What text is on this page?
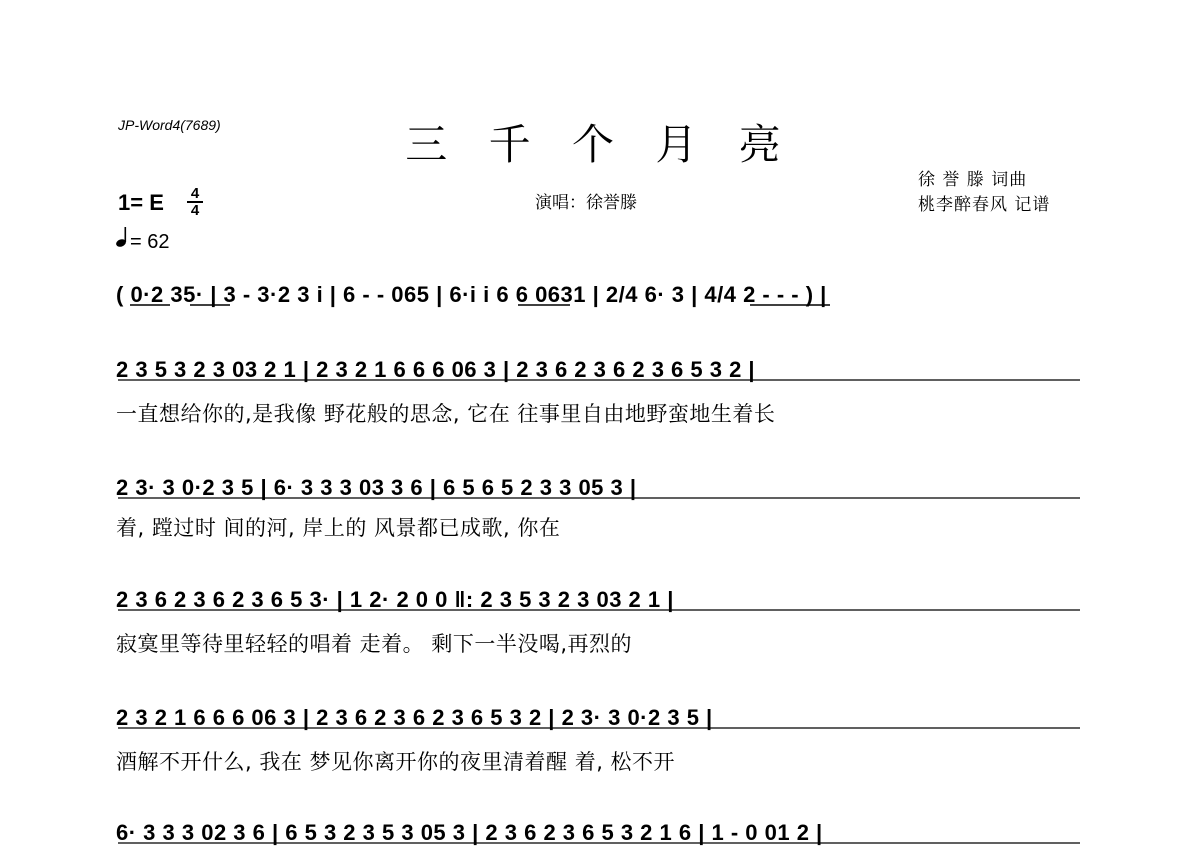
JP-Word4(7689)	三 千 个 月 亮
演唱：徐誉滕
徐 誉 滕 词曲
桃李醉春风 记谱
1= E $\frac{4}{4}$
= 62
( 0·2 35· | 3 - 3·2 3 i | 6 - - 065 | 6·i i 6 6 0631 | 2/4 6· 3 | 4/4 2 - - - ) |
2 3 5 3 2 3 03 2 1 | 2 3 2 1 6 6 6 06 3 | 2 3 6 2 3 6 2 3 6 5 3 2 |
一直想给你的,是我像 野花般的思念, 它在 往事里自由地野蛮地生着长
2 3· 3 0·2 3 5 | 6· 3 3 3 03 3 6 | 6 5 6 5 2 3 3 05 3 |
着, 蹚过时 间的河, 岸上的 风景都已成歌, 你在
2 3 6 2 3 6 2 3 6 5 3· | 1 2· 2 0 0 ‖: 2 3 5 3 2 3 03 2 1 |
寂寞里等待里轻轻的唱着 走着。 剩下一半没喝,再烈的
2 3 2 1 6 6 6 06 3 | 2 3 6 2 3 6 2 3 6 5 3 2 | 2 3· 3 0·2 3 5 |
酒解不开什么, 我在 梦见你离开你的夜里清着醒 着, 松不开
6· 3 3 3 02 3 6 | 6 5 3 2 3 5 3 05 3 | 2 3 6 2 3 6 5 3 2 1 6 | 1 - 0 01 2 |
